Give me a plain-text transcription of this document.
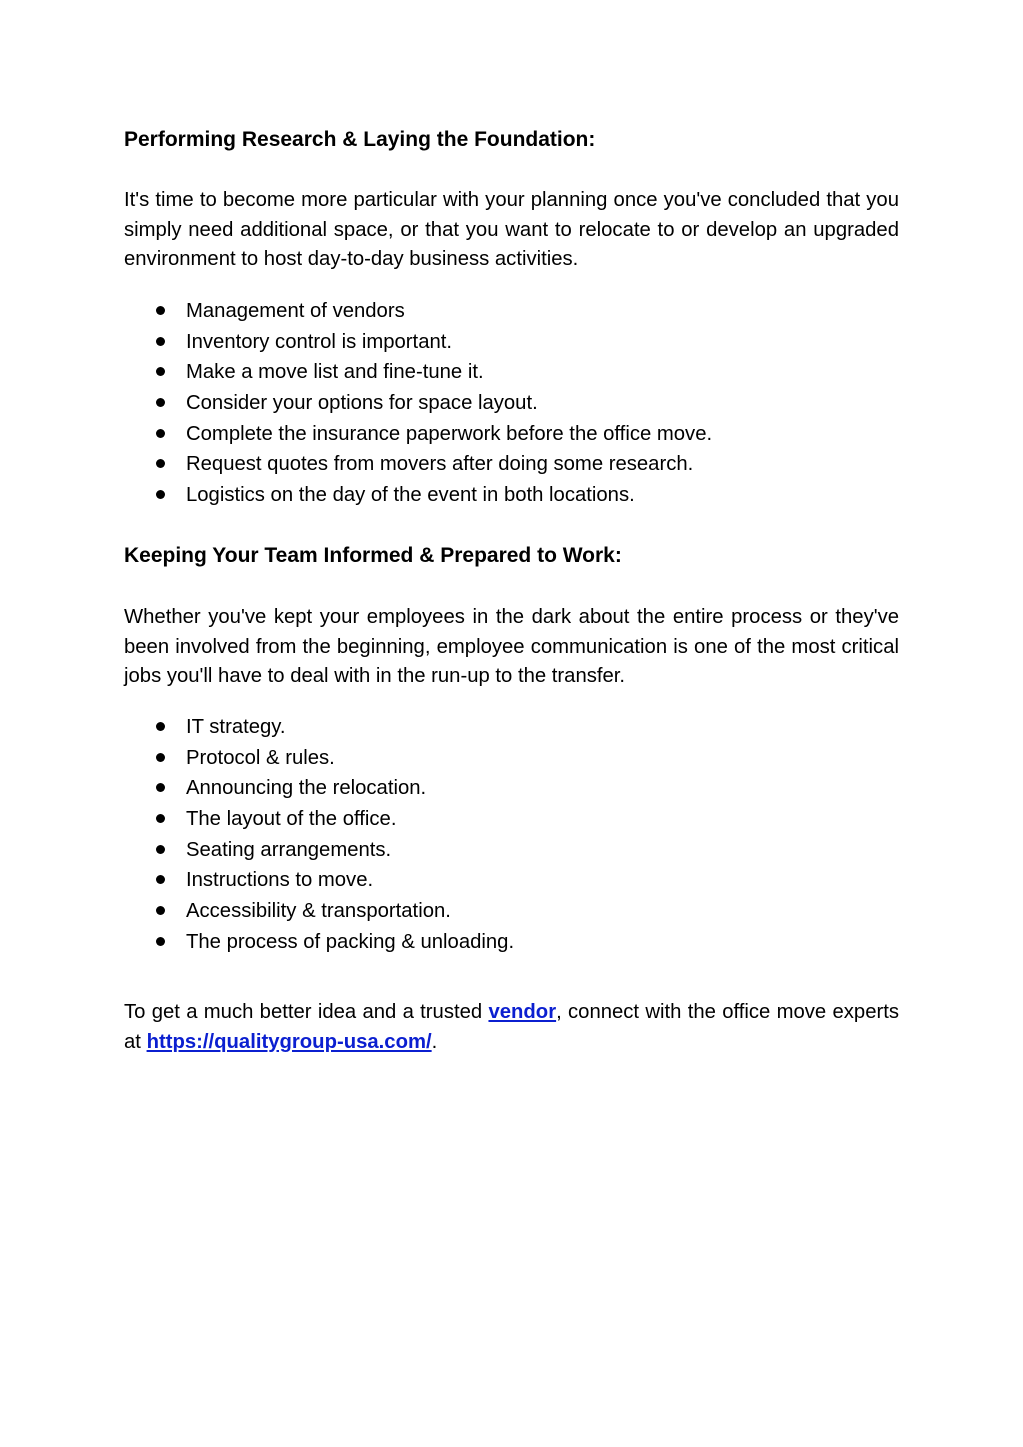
Performing Research & Laying the Foundation:
It's time to become more particular with your planning once you've concluded that you simply need additional space, or that you want to relocate to or develop an upgraded environment to host day-to-day business activities.
Management of vendors
Inventory control is important.
Make a move list and fine-tune it.
Consider your options for space layout.
Complete the insurance paperwork before the office move.
Request quotes from movers after doing some research.
Logistics on the day of the event in both locations.
Keeping Your Team Informed & Prepared to Work:
Whether you've kept your employees in the dark about the entire process or they've been involved from the beginning, employee communication is one of the most critical jobs you'll have to deal with in the run-up to the transfer.
IT strategy.
Protocol & rules.
Announcing the relocation.
The layout of the office.
Seating arrangements.
Instructions to move.
Accessibility & transportation.
The process of packing & unloading.
To get a much better idea and a trusted vendor, connect with the office move experts at https://qualitygroup-usa.com/.
